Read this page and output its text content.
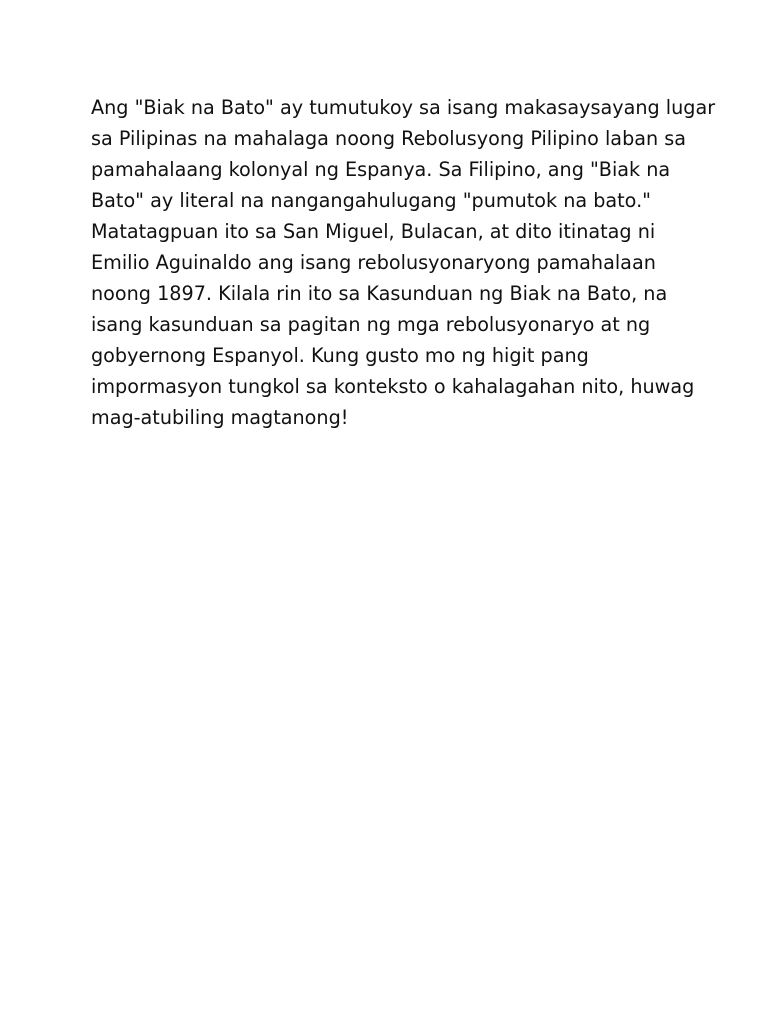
Ang "Biak na Bato" ay tumutukoy sa isang makasaysayang lugar
sa Pilipinas na mahalaga noong Rebolusyong Pilipino laban sa
pamahalaang kolonyal ng Espanya. Sa Filipino, ang "Biak na
Bato" ay literal na nangangahulugang "pumutok na bato."
Matatagpuan ito sa San Miguel, Bulacan, at dito itinatag ni
Emilio Aguinaldo ang isang rebolusyonaryong pamahalaan
noong 1897. Kilala rin ito sa Kasunduan ng Biak na Bato, na
isang kasunduan sa pagitan ng mga rebolusyonaryo at ng
gobyernong Espanyol. Kung gusto mo ng higit pang
impormasyon tungkol sa konteksto o kahalagahan nito, huwag
mag-atubiling magtanong!
